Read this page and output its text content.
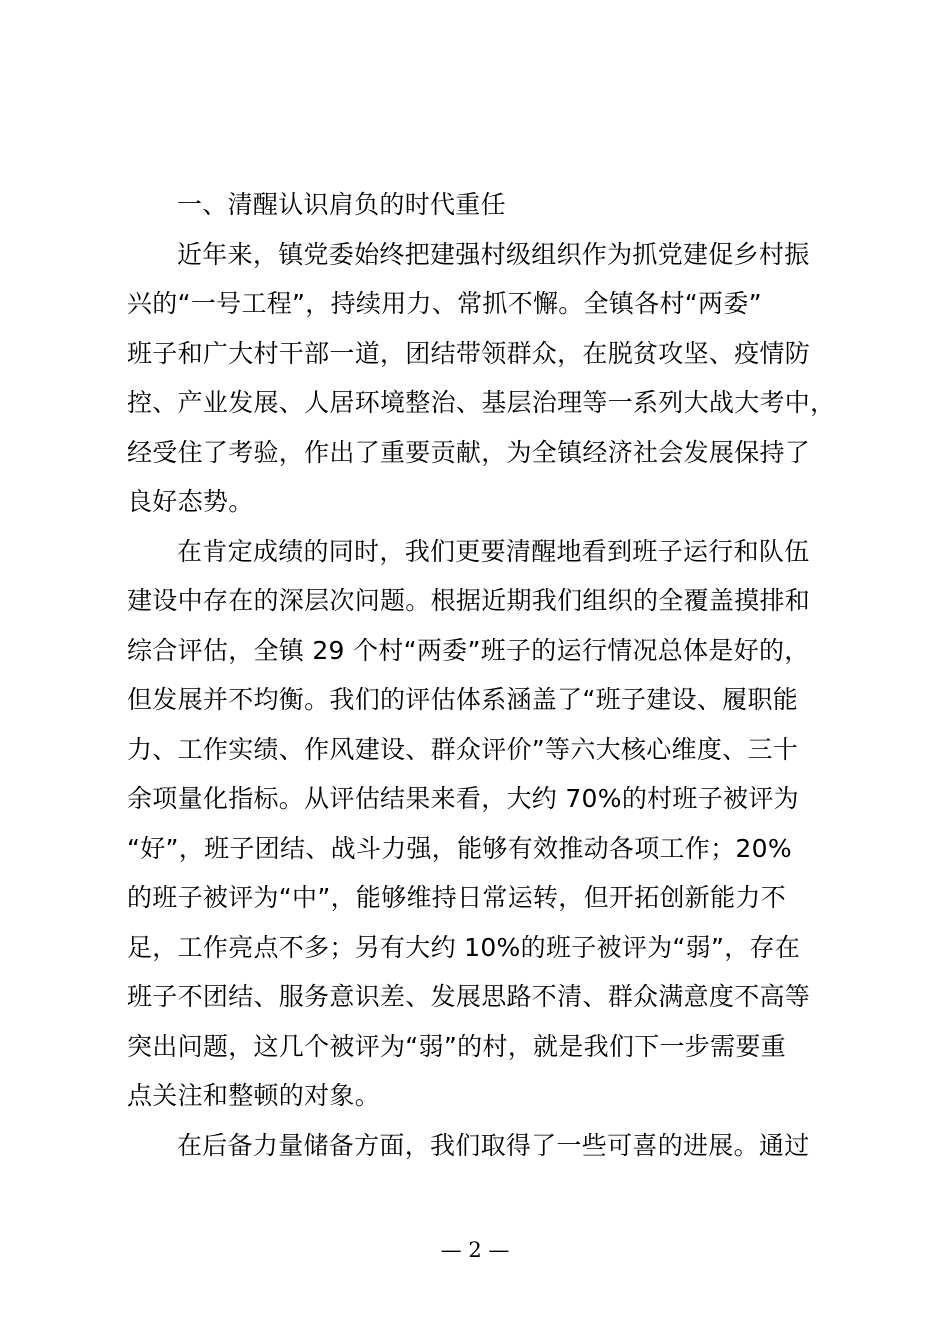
一、清醒认识肩负的时代重任
近年来，镇党委始终把建强村级组织作为抓党建促乡村振
兴的“一号工程”，持续用力、常抓不懈。全镇各村“两委”
班子和广大村干部一道，团结带领群众，在脱贫攻坚、疫情防
控、产业发展、人居环境整治、基层治理等一系列大战大考中，
经受住了考验，作出了重要贡献，为全镇经济社会发展保持了
良好态势。
在肯定成绩的同时，我们更要清醒地看到班子运行和队伍
建设中存在的深层次问题。根据近期我们组织的全覆盖摸排和
综合评估，全镇 29 个村“两委”班子的运行情况总体是好的，
但发展并不均衡。我们的评估体系涵盖了“班子建设、履职能
力、工作实绩、作风建设、群众评价”等六大核心维度、三十
余项量化指标。从评估结果来看，大约 70%的村班子被评为
“好”，班子团结、战斗力强，能够有效推动各项工作；20%
的班子被评为“中”，能够维持日常运转，但开拓创新能力不
足，工作亮点不多；另有大约 10%的班子被评为“弱”，存在
班子不团结、服务意识差、发展思路不清、群众满意度不高等
突出问题，这几个被评为“弱”的村，就是我们下一步需要重
点关注和整顿的对象。
在后备力量储备方面，我们取得了一些可喜的进展。通过
— 2 —
